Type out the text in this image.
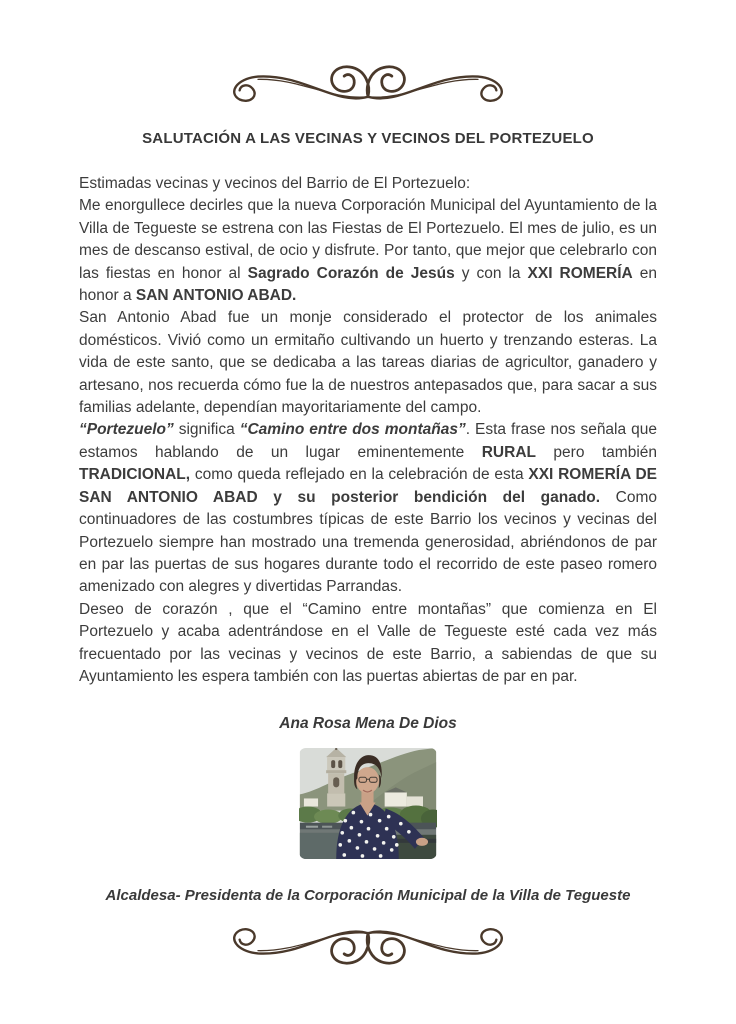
SALUTACIÓN A LAS VECINAS Y VECINOS DEL PORTEZUELO

Estimadas vecinas y vecinos del Barrio de El Portezuelo:

Me enorgullece decirles que la nueva Corporación Municipal del Ayuntamiento de la Villa de Tegueste se estrena con las Fiestas de El Portezuelo. El mes de julio, es un mes de descanso estival, de ocio y disfrute. Por tanto, que mejor que celebrarlo con las fiestas en honor al Sagrado Corazón de Jesús y con la XXI ROMERÍA en honor a SAN ANTONIO ABAD.

San Antonio Abad fue un monje considerado el protector de los animales domésticos. Vivió como un ermitaño cultivando un huerto y trenzando esteras. La vida de este santo, que se dedicaba a las tareas diarias de agricultor, ganadero y artesano, nos recuerda cómo fue la de nuestros antepasados que, para sacar a sus familias adelante, dependían mayoritariamente del campo.

“Portezuelo” significa “Camino entre dos montañas”. Esta frase nos señala que estamos hablando de un lugar eminentemente RURAL pero también TRADICIONAL, como queda reflejado en la celebración de esta XXI ROMERÍA DE SAN ANTONIO ABAD y su posterior bendición del ganado. Como continuadores de las costumbres típicas de este Barrio los vecinos y vecinas del Portezuelo siempre han mostrado una tremenda generosidad, abriéndonos de par en par las puertas de sus hogares durante todo el recorrido de este paseo romero amenizado con alegres y divertidas Parrandas.

Deseo de corazón , que el “Camino entre montañas” que comienza en El Portezuelo y acaba adentrándose en el Valle de Tegueste esté cada vez más frecuentado por las vecinas y vecinos de este Barrio, a sabiendas de que su Ayuntamiento les espera también con las puertas abiertas de par en par.

Ana Rosa Mena De Dios
Alcaldesa- Presidenta de la Corporación Municipal de la Villa de Tegueste
